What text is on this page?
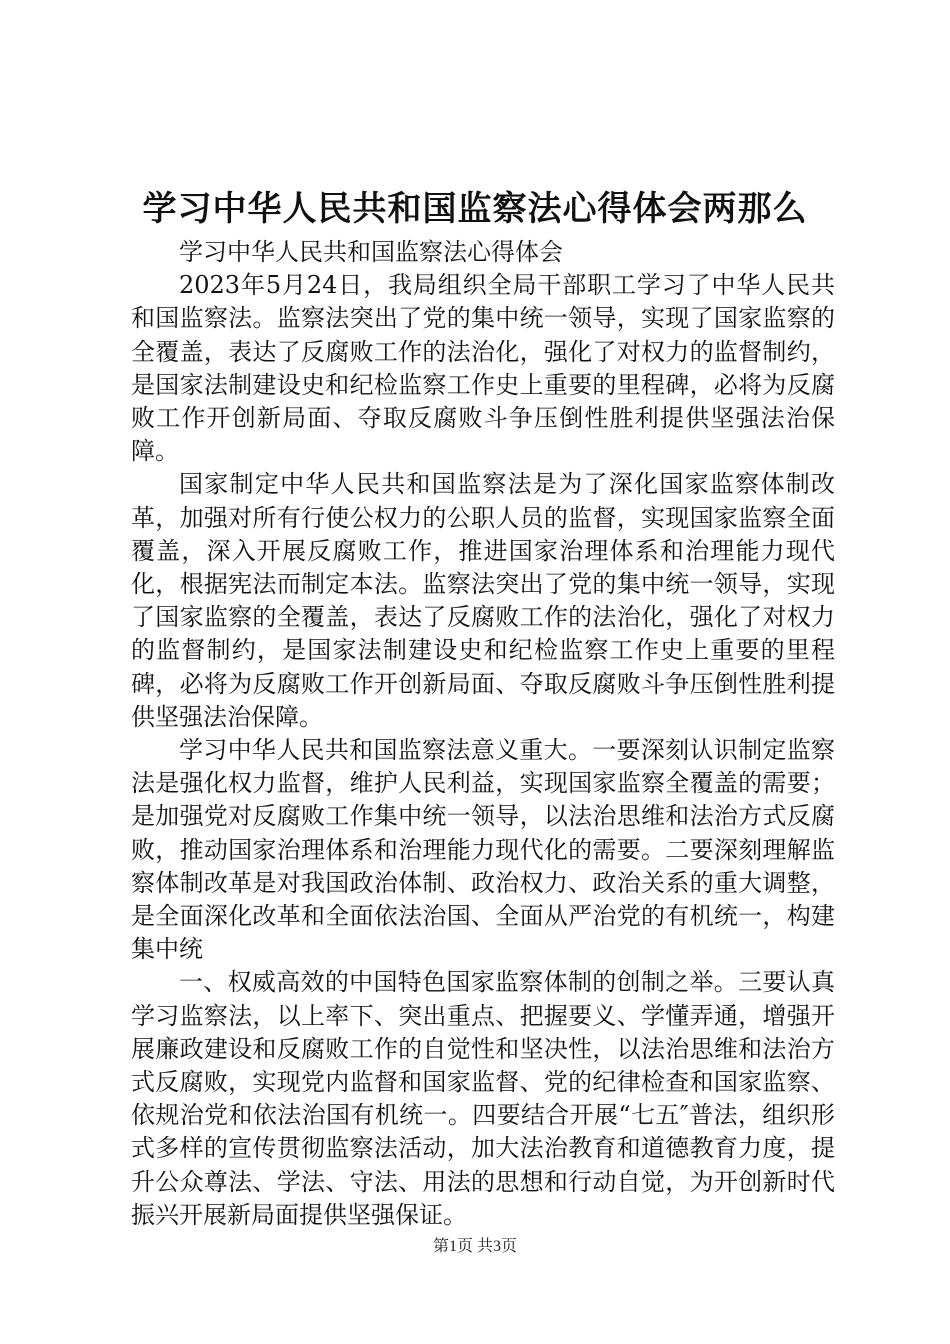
学习中华人民共和国监察法心得体会两那么

学习中华人民共和国监察法心得体会

2023年5月24日，我局组织全局干部职工学习了中华人民共和国监察法。监察法突出了党的集中统一领导，实现了国家监察的全覆盖，表达了反腐败工作的法治化，强化了对权力的监督制约，是国家法制建设史和纪检监察工作史上重要的里程碑，必将为反腐败工作开创新局面、夺取反腐败斗争压倒性胜利提供坚强法治保障。

国家制定中华人民共和国监察法是为了深化国家监察体制改革，加强对所有行使公权力的公职人员的监督，实现国家监察全面覆盖，深入开展反腐败工作，推进国家治理体系和治理能力现代化，根据宪法而制定本法。监察法突出了党的集中统一领导，实现了国家监察的全覆盖，表达了反腐败工作的法治化，强化了对权力的监督制约，是国家法制建设史和纪检监察工作史上重要的里程碑，必将为反腐败工作开创新局面、夺取反腐败斗争压倒性胜利提供坚强法治保障。

学习中华人民共和国监察法意义重大。一要深刻认识制定监察法是强化权力监督，维护人民利益，实现国家监察全覆盖的需要；是加强党对反腐败工作集中统一领导，以法治思维和法治方式反腐败，推动国家治理体系和治理能力现代化的需要。二要深刻理解监察体制改革是对我国政治体制、政治权力、政治关系的重大调整，是全面深化改革和全面依法治国、全面从严治党的有机统一，构建集中统

一、权威高效的中国特色国家监察体制的创制之举。三要认真学习监察法，以上率下、突出重点、把握要义、学懂弄通，增强开展廉政建设和反腐败工作的自觉性和坚决性，以法治思维和法治方式反腐败，实现党内监督和国家监督、党的纪律检查和国家监察、依规治党和依法治国有机统一。四要结合开展“七五″普法，组织形式多样的宣传贯彻监察法活动，加大法治教育和道德教育力度，提升公众尊法、学法、守法、用法的思想和行动自觉，为开创新时代振兴开展新局面提供坚强保证。

第1页 共3页
